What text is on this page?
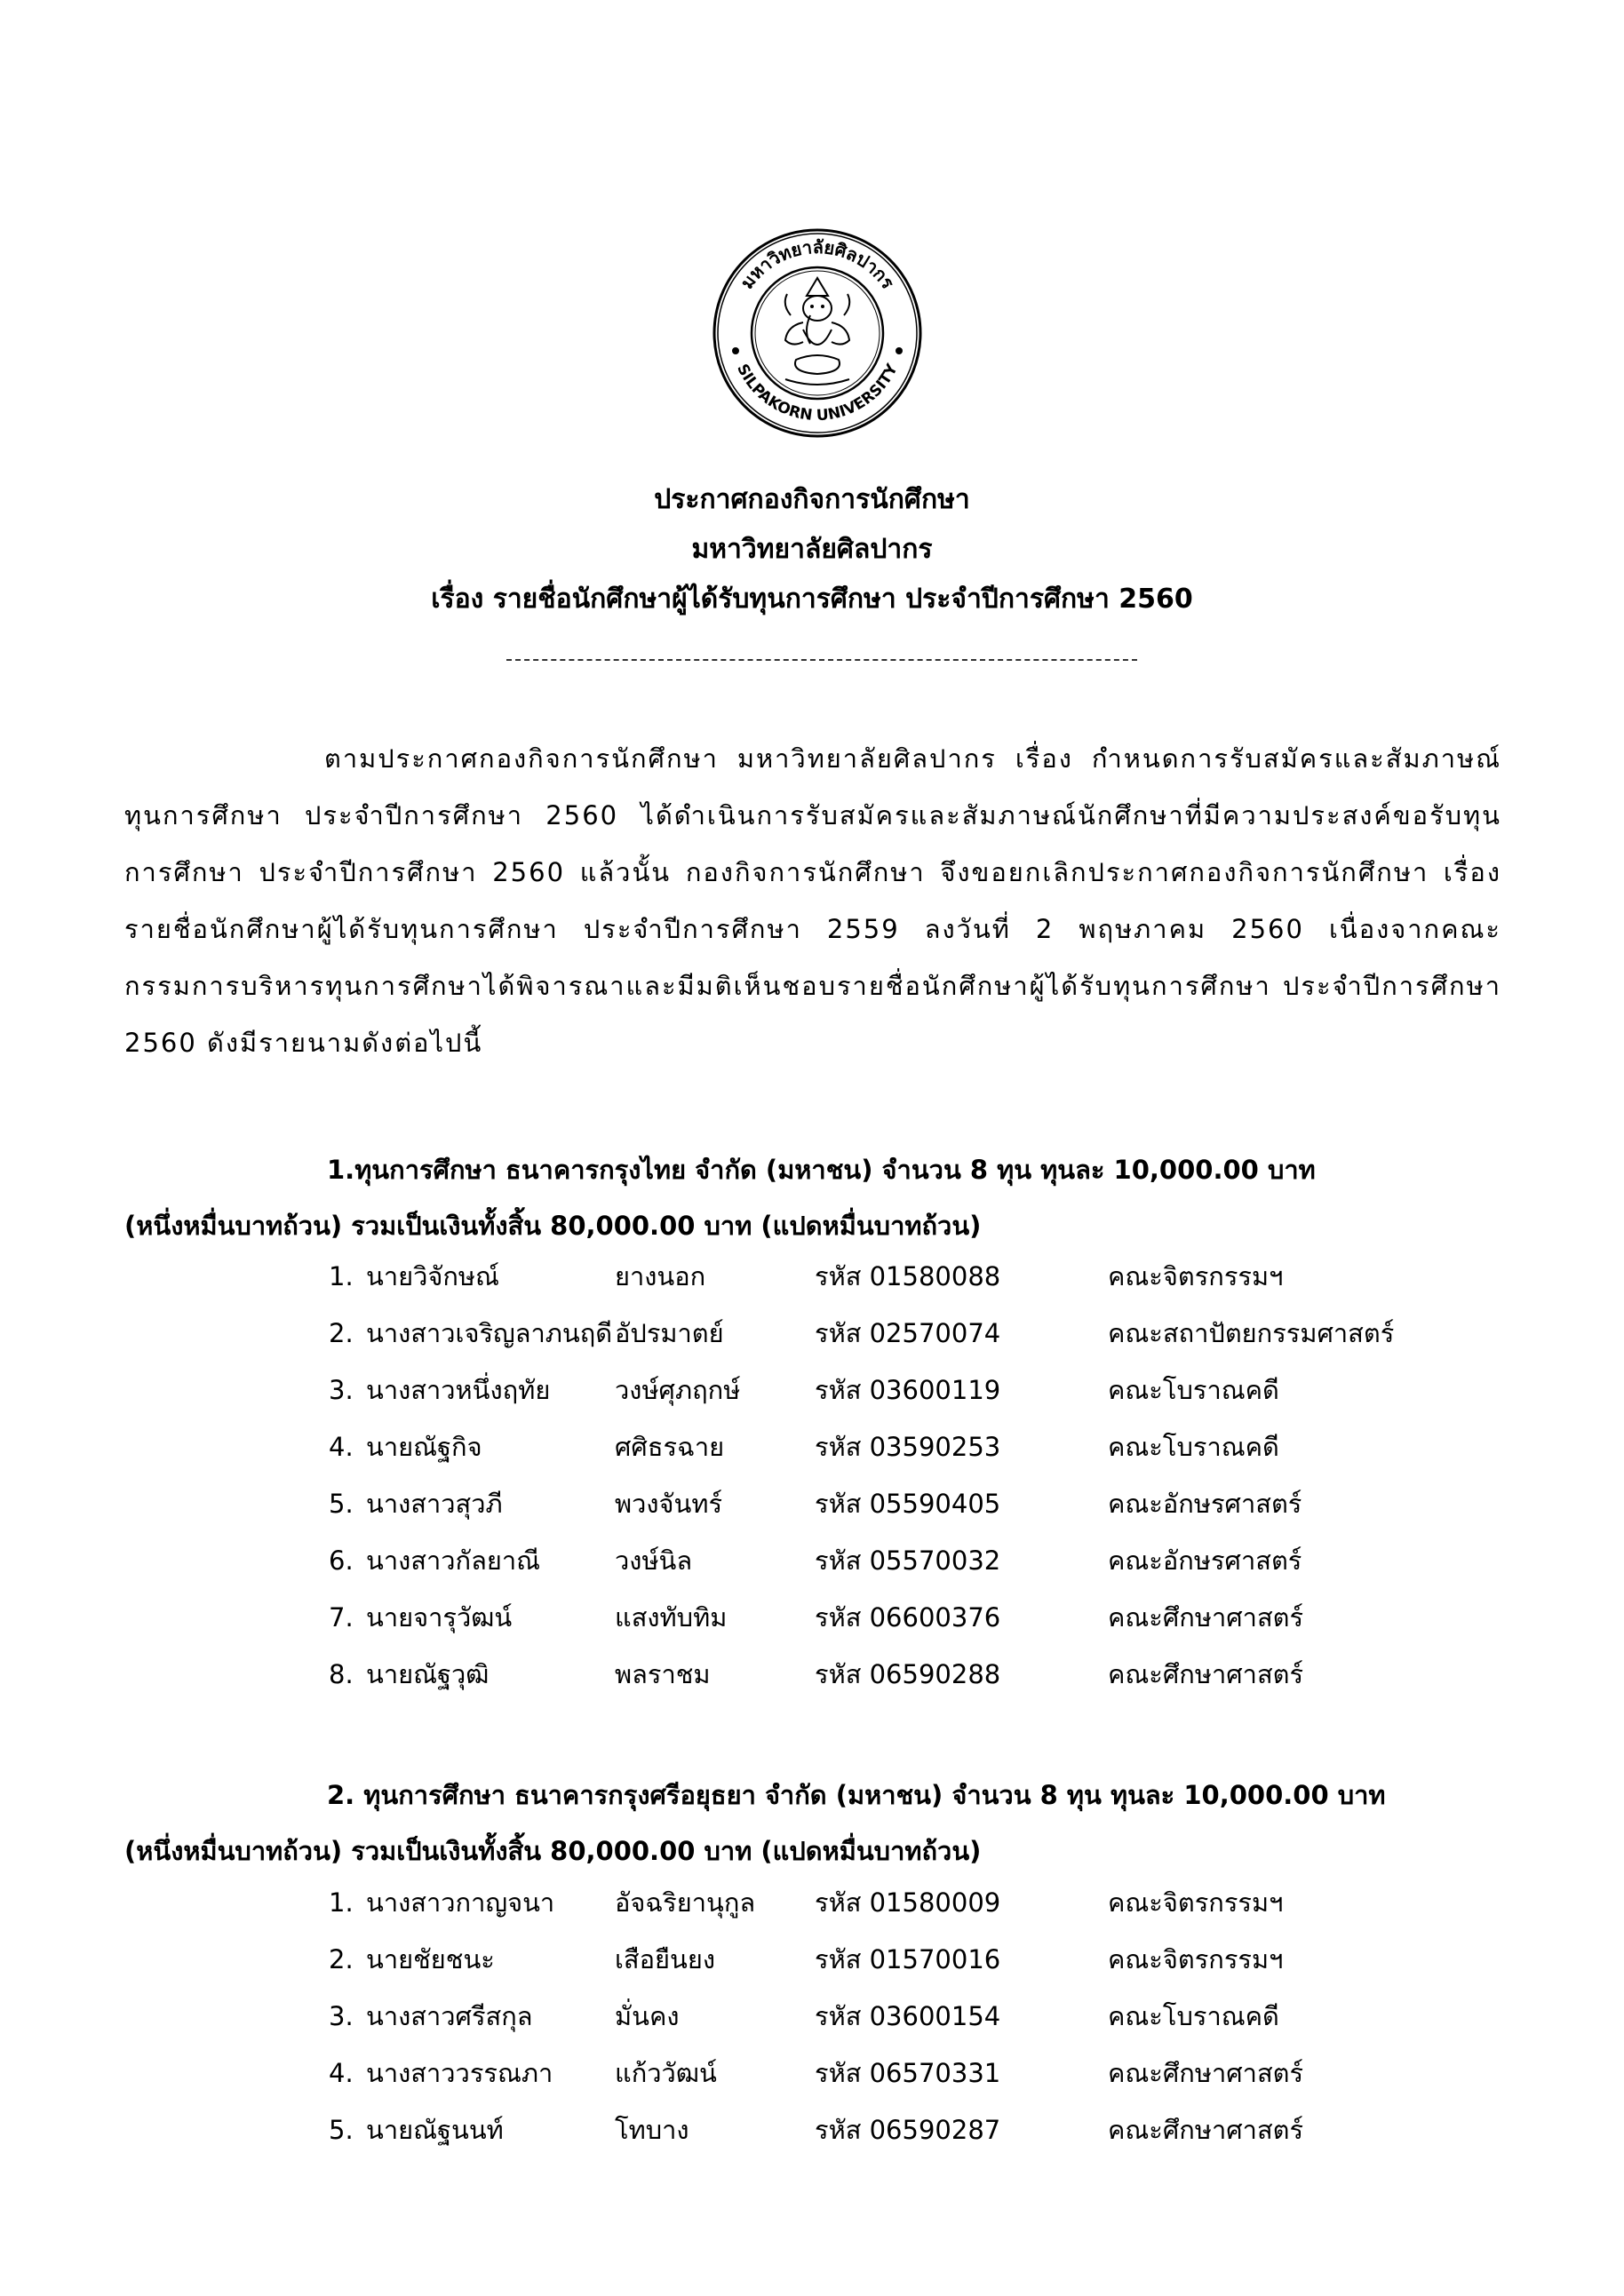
มหาวิทยาลัยศิลปากร
SILPAKORN UNIVERSITY
ประกาศกองกิจการนักศึกษา
มหาวิทยาลัยศิลปากร
เรื่อง รายชื่อนักศึกษาผู้ได้รับทุนการศึกษา ประจำปีการศึกษา 2560

ตามประกาศกองกิจการนักศึกษา มหาวิทยาลัยศิลปากร เรื่อง กำหนดการรับสมัครและสัมภาษณ์ทุนการศึกษา ประจำปีการศึกษา 2560 ได้ดำเนินการรับสมัครและสัมภาษณ์นักศึกษาที่มีความประสงค์ขอรับทุนการศึกษา ประจำปีการศึกษา 2560 แล้วนั้น กองกิจการนักศึกษา จึงขอยกเลิกประกาศกองกิจการนักศึกษา เรื่อง รายชื่อนักศึกษาผู้ได้รับทุนการศึกษา ประจำปีการศึกษา 2559 ลงวันที่ 2 พฤษภาคม 2560 เนื่องจากคณะกรรมการบริหารทุนการศึกษาได้พิจารณาและมีมติเห็นชอบรายชื่อนักศึกษาผู้ได้รับทุนการศึกษา ประจำปีการศึกษา 2560 ดังมีรายนามดังต่อไปนี้

1.ทุนการศึกษา ธนาคารกรุงไทย จำกัด (มหาชน) จำนวน 8 ทุน ทุนละ 10,000.00 บาท
(หนึ่งหมื่นบาทถ้วน) รวมเป็นเงินทั้งสิ้น 80,000.00 บาท (แปดหมื่นบาทถ้วน)
1. นายวิจักษณ์	ยางนอก	รหัส 01580088	คณะจิตรกรรมฯ
2. นางสาวเจริญลาภนฤดี อัปรมาตย์	รหัส 02570074	คณะสถาปัตยกรรมศาสตร์
3. นางสาวหนึ่งฤทัย	วงษ์ศุภฤกษ์	รหัส 03600119	คณะโบราณคดี
4. นายณัฐกิจ	ศศิธรฉาย	รหัส 03590253	คณะโบราณคดี
5. นางสาวสุวภี	พวงจันทร์	รหัส 05590405	คณะอักษรศาสตร์
6. นางสาวกัลยาณี	วงษ์นิล	รหัส 05570032	คณะอักษรศาสตร์
7. นายจารุวัฒน์	แสงทับทิม	รหัส 06600376	คณะศึกษาศาสตร์
8. นายณัฐวุฒิ	พลราชม	รหัส 06590288	คณะศึกษาศาสตร์
2. ทุนการศึกษา ธนาคารกรุงศรีอยุธยา จำกัด (มหาชน) จำนวน 8 ทุน ทุนละ 10,000.00 บาท
(หนึ่งหมื่นบาทถ้วน) รวมเป็นเงินทั้งสิ้น 80,000.00 บาท (แปดหมื่นบาทถ้วน)
1. นางสาวกาญจนา	อัจฉริยานุกูล	รหัส 01580009	คณะจิตรกรรมฯ
2. นายชัยชนะ	เสือยืนยง	รหัส 01570016	คณะจิตรกรรมฯ
3. นางสาวศรีสกุล	มั่นคง	รหัส 03600154	คณะโบราณคดี
4. นางสาววรรณภา	แก้ววัฒน์	รหัส 06570331	คณะศึกษาศาสตร์
5. นายณัฐนนท์	โทบาง	รหัส 06590287	คณะศึกษาศาสตร์
